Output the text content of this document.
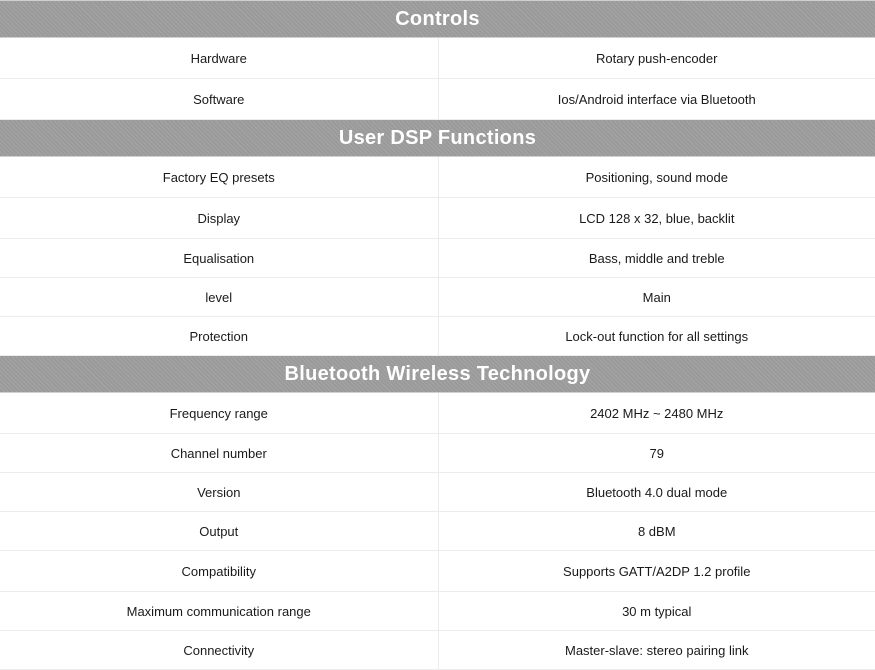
Controls	
Hardware	Rotary push-encoder
Software	Ios/Android interface via Bluetooth
User DSP Functions	
Factory EQ presets	Positioning, sound mode
Display	LCD 128 x 32, blue, backlit
Equalisation	Bass, middle and treble
level	Main
Protection	Lock-out function for all settings
Bluetooth Wireless Technology	
Frequency range	2402 MHz ~ 2480 MHz
Channel number	79
Version	Bluetooth 4.0 dual mode
Output	8 dBM
Compatibility	Supports GATT/A2DP 1.2 profile
Maximum communication range	30 m typical
Connectivity	Master-slave: stereo pairing link
